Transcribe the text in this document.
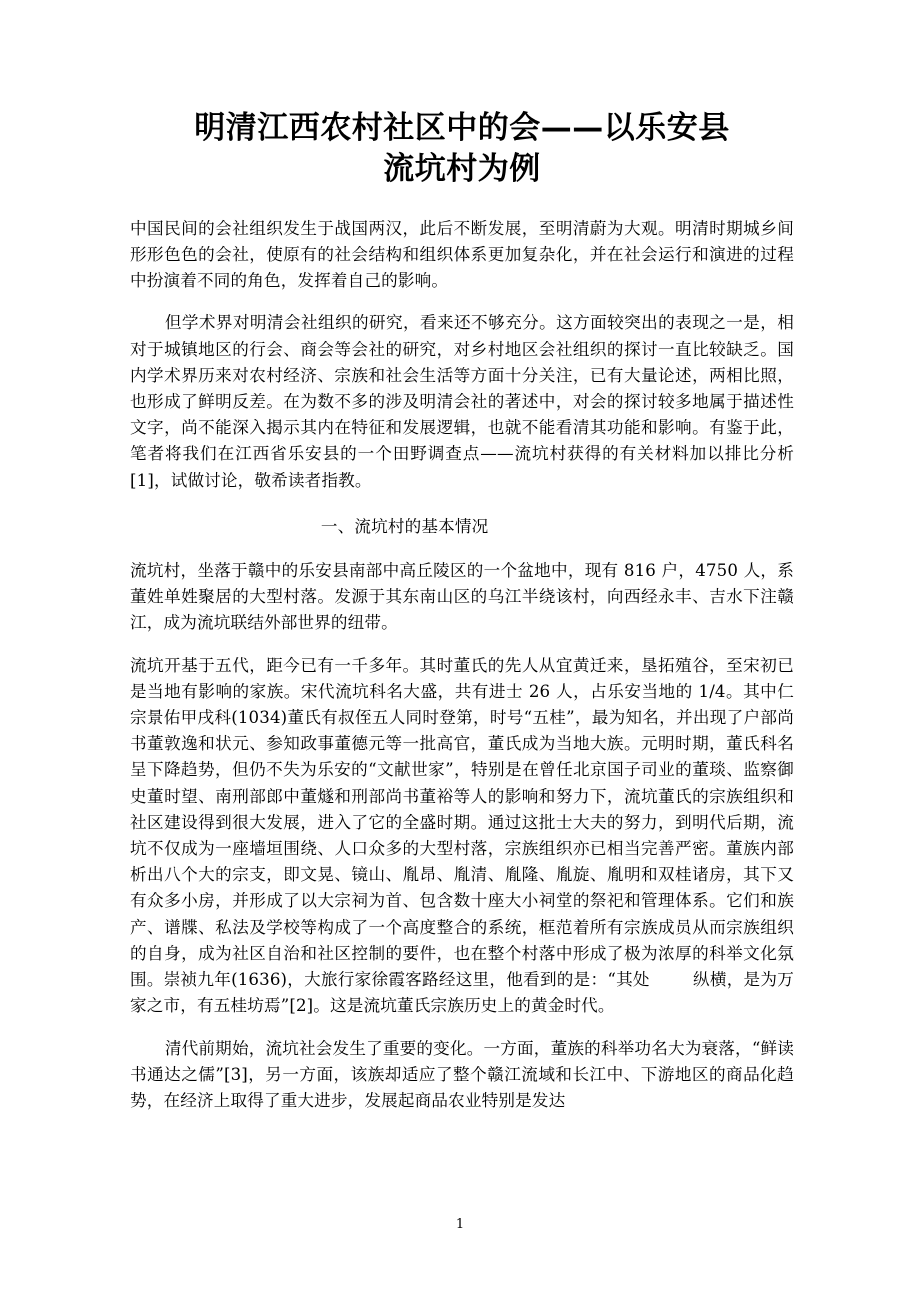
明清江西农村社区中的会——以乐安县
流坑村为例

中国民间的会社组织发生于战国两汉，此后不断发展，至明清蔚为大观。明清时期城乡间形形色色的会社，使原有的社会结构和组织体系更加复杂化，并在社会运行和演进的过程中扮演着不同的角色，发挥着自己的影响。

但学术界对明清会社组织的研究，看来还不够充分。这方面较突出的表现之一是，相对于城镇地区的行会、商会等会社的研究，对乡村地区会社组织的探讨一直比较缺乏。国内学术界历来对农村经济、宗族和社会生活等方面十分关注，已有大量论述，两相比照，也形成了鲜明反差。在为数不多的涉及明清会社的著述中，对会的探讨较多地属于描述性文字，尚不能深入揭示其内在特征和发展逻辑，也就不能看清其功能和影响。有鉴于此，笔者将我们在江西省乐安县的一个田野调查点——流坑村获得的有关材料加以排比分析[1]，试做讨论，敬希读者指教。

一、流坑村的基本情况

流坑村，坐落于赣中的乐安县南部中高丘陵区的一个盆地中，现有 816 户，4750 人，系董姓单姓聚居的大型村落。发源于其东南山区的乌江半绕该村，向西经永丰、吉水下注赣江，成为流坑联结外部世界的纽带。

流坑开基于五代，距今已有一千多年。其时董氏的先人从宜黄迁来，垦拓殖谷，至宋初已是当地有影响的家族。宋代流坑科名大盛，共有进士 26 人，占乐安当地的 1/4。其中仁宗景佑甲戌科(1034)董氏有叔侄五人同时登第，时号“五桂”，最为知名，并出现了户部尚书董敦逸和状元、参知政事董德元等一批高官，董氏成为当地大族。元明时期，董氏科名呈下降趋势，但仍不失为乐安的“文献世家”，特别是在曾任北京国子司业的董琰、监察御史董时望、南刑部郎中董燧和刑部尚书董裕等人的影响和努力下，流坑董氏的宗族组织和社区建设得到很大发展，进入了它的全盛时期。通过这批士大夫的努力，到明代后期，流坑不仅成为一座墙垣围绕、人口众多的大型村落，宗族组织亦已相当完善严密。董族内部析出八个大的宗支，即文晃、镜山、胤昂、胤清、胤隆、胤旋、胤明和双桂诸房，其下又有众多小房，并形成了以大宗祠为首、包含数十座大小祠堂的祭祀和管理体系。它们和族产、谱牒、私法及学校等构成了一个高度整合的系统，框范着所有宗族成员从而宗族组织的自身，成为社区自治和社区控制的要件，也在整个村落中形成了极为浓厚的科举文化氛围。崇祯九年(1636)，大旅行家徐霞客路经这里，他看到的是：“其处	纵横，是为万家之市，有五桂坊焉”[2]。这是流坑董氏宗族历史上的黄金时代。

清代前期始，流坑社会发生了重要的变化。一方面，董族的科举功名大为衰落，“鲜读书通达之儒”[3]，另一方面，该族却适应了整个赣江流域和长江中、下游地区的商品化趋势，在经济上取得了重大进步，发展起商品农业特别是发达

1
